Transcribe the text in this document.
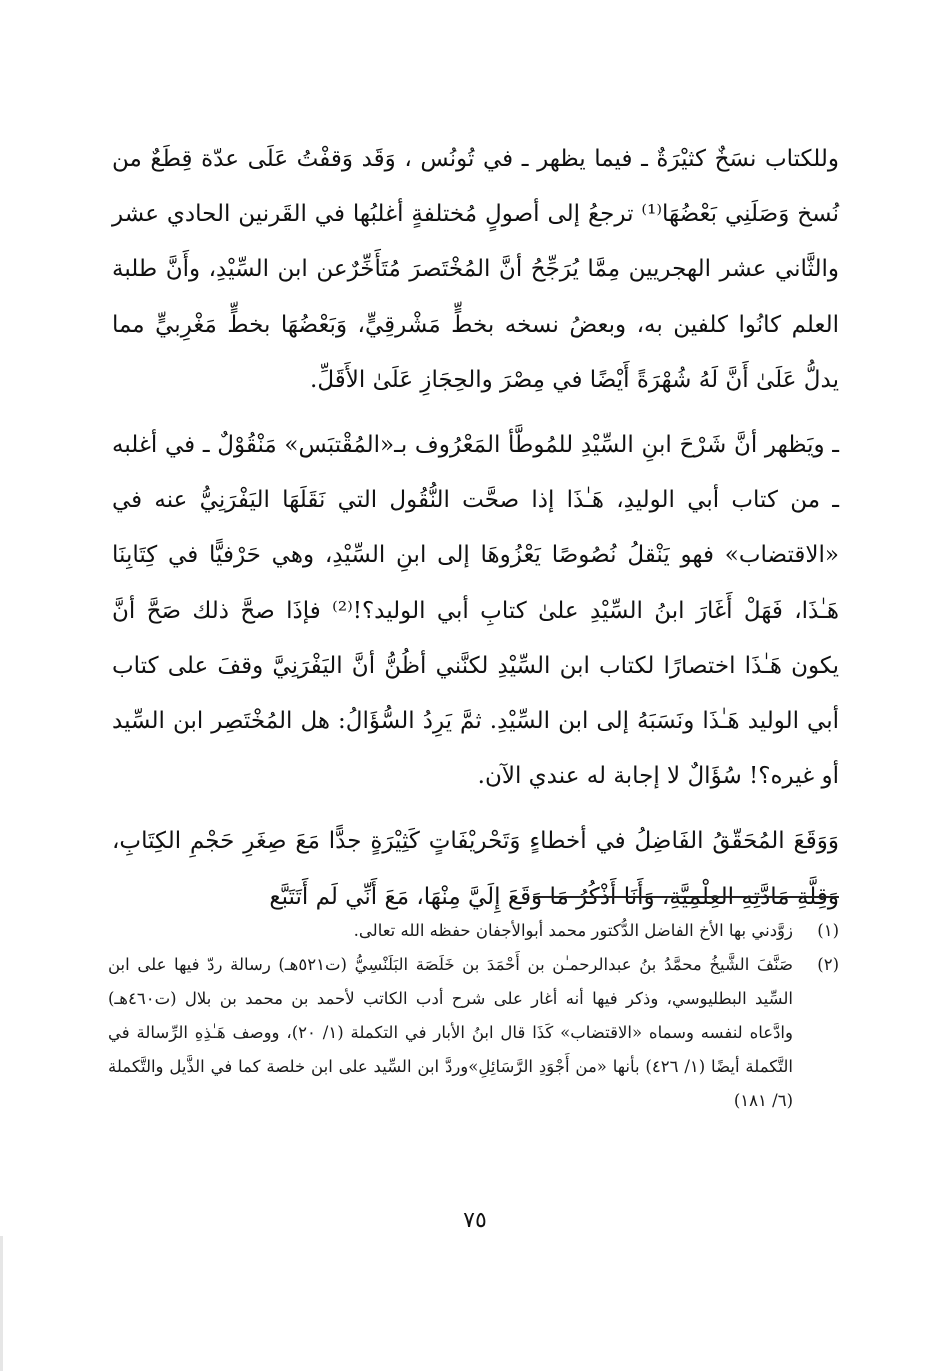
وللكتاب نسَخٌ كثيْرَةٌ ـ فيما يظهر ـ في تُونُس ، وَقَد وَقفْتُ عَلَى عدّة قِطَعٌ من نُسخ وَصَلَنِي بَعْضُهَا⁽¹⁾ ترجعُ إلى أصولٍ مُختلفةٍ أغلبُها في القَرنين الحادي عشر والثَّاني عشر الهجريين مِمَّا يُرَجِّحُ أنَّ المُخْتَصرَ مُتَأَخِّرٌعن ابن السِّيْدِ، وأَنَّ طلبة العلم كانُوا كلفين به، وبعضُ نسخه بخطٍّ مَشْرقِيٍّ، وَبَعْضُهَا بخطٍّ مَغْرِبيٍّ مما يدلُّ عَلَىٰ أَنَّ لَهُ شُهْرَةً أَيْضًا في مِصْرَ والحِجَازِ عَلَىٰ الأَقَلِّ.

ـ ويَظهر أنَّ شَرْحَ ابنِ السِّيْدِ للمُوطَّأ المَعْرُوف بـ«المُقْتبَس» مَنْقُوْلٌ ـ في أغلبه ـ من كتاب أبي الوليدِ، هَـٰذَا إذا صحَّت النُّقُول التي نَقَلَهَا اليَفْرَنِيُّ عنه في «الاقتضاب» فهو يَنْقلُ نُصُوصًا يَعْزُوهَا إلى ابنِ السِّيْدِ، وهي حَرْفيًّا في كِتَابِنَا هَـٰذَا، فَهَلْ أَغَارَ ابنُ السِّيْدِ علىٰ كتابِ أبي الوليد؟!⁽²⁾ فإذَا صحَّ ذلك صَحَّ أنَّ يكون هَـٰذَا اختصارًا لكتاب ابن السِّيْدِ لكنَّني أظُنُّ أنَّ اليَفْرَنِيَّ وقفَ على كتاب أبي الوليد هَـٰذَا ونَسَبَهُ إلى ابن السِّيْدِ. ثمَّ يَرِدُ السُّؤَالُ: هل المُخْتَصِر ابن السِّيد أو غيره؟! سُؤَالٌ لا إجابة له عندي الآن.

وَوَقَعَ المُحَقّقُ الفَاضِلُ في أخطاءٍ وَتَحْريْفَاتٍ كَثِيْرَةٍ جدًّا مَعَ صِغَرِ حَجْمِ الكِتَابِ، وَقِلَّةِ مَادَّتِهِ العِلْمِيَّةِ، وَأَنَا أَذْكُرُ مَا وَقَعَ إِلَيَّ مِنْهَا، مَعَ أَنِّي لَم أَتَتَبَّع

(١)
زوَّدني بها الأخ الفاضل الدُّكتور محمد أبوالأجفان حفظه الله تعالى.
(٢)
صَنَّفَ الشَّيخُ محمَّدُ بنُ عبدالرحمـٰن بن أَحْمَدَ بن خَلَصَة البَلَنْسِيُّ (ت٥٢١هـ) رسالة ردّ فيها على ابن السِّيد البطليوسي، وذكر فيها أنه أغار على شرح أدب الكاتب لأحمد بن محمد بن بلال (ت٤٦٠هـ) وادَّعاه لنفسه وسماه «الاقتضاب» كَذَا قال ابنُ الأبار في التكملة (١/ ٢٠)، ووصف هَـٰذِهِ الرِّسالة في التَّكملة أيضًا (١/ ٤٢٦) بأنها «من أَجْوَدِ الرَّسَائِلِ»وردَّ ابن السِّيد على ابن خلصة كما في الذَّيل والتَّكملة (٦/ ١٨١)
٧٥
